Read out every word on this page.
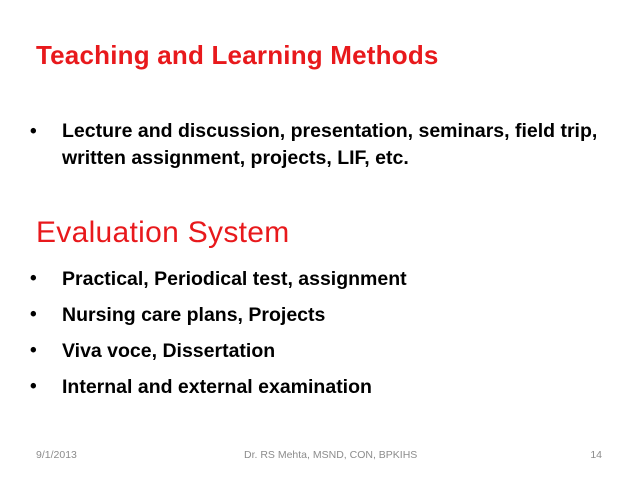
Teaching and Learning Methods
• Lecture and discussion, presentation, seminars, field trip, written assignment, projects, LIF, etc.
Evaluation System
• Practical, Periodical test, assignment
• Nursing care plans, Projects
• Viva voce, Dissertation
• Internal and external examination
9/1/2013	Dr. RS Mehta, MSND, CON, BPKIHS	14
